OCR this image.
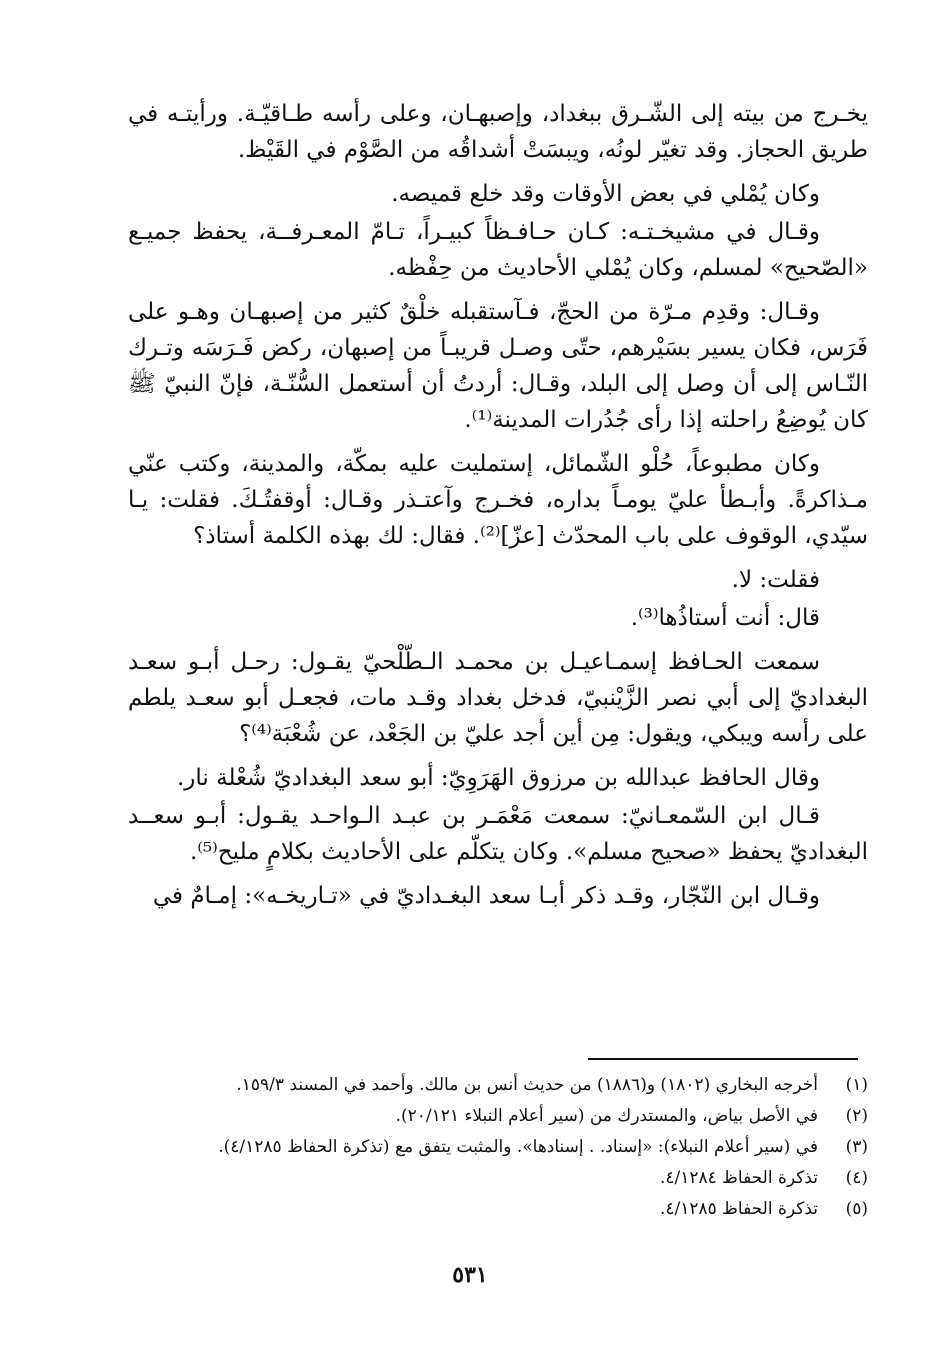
يخـرج من بيته إلى الشّـرق ببغداد، وإصبهـان، وعلى رأسه طـاقيّـة. ورأيتـه في طريق الحجاز. وقد تغيّر لونُه، ويبسَتْ أشداقُه من الصَّوْم في القَيْظ.

وكان يُمْلي في بعض الأوقات وقد خلع قميصه.

وقـال في مشيخـتـه: كـان حـافـظاً كبيـراً، تـامّ المعـرفــة، يحفظ جميـع «الصّحيح» لمسلم، وكان يُمْلي الأحاديث من حِفْظه.

وقـال: وقدِم مـرّة من الحجّ، فـآستقبله خلْقٌ كثير من إصبهـان وهـو على فَرَس، فكان يسير بسَيْرهم، حتّى وصـل قريبـاً من إصبهان، ركض فَـرَسَه وتـرك النّـاس إلى أن وصل إلى البلد، وقـال: أردتُ أن أستعمل السُّنّـة، فإنّ النبيّ ﷺ كان يُوضِعُ راحلته إذا رأى جُدُرات المدينة⁽¹⁾.

وكان مطبوعاً، حُلْو الشّمائل، إستمليت عليه بمكّة، والمدينة، وكتب عنّي مـذاكرةً. وأبـطأ عليّ يومـاً بداره، فخـرج وآعتـذر وقـال: أوقفتُـكَ. فقلت: يـا سيّدي، الوقوف على باب المحدّث [عزّ]⁽²⁾. فقال: لك بهذه الكلمة أستاذ؟

فقلت: لا.

قال: أنت أستاذُها⁽³⁾.

سمعت الحـافظ إسمـاعيـل بن محمـد الـطّلْحيّ يقـول: رحـل أبـو سعـد البغداديّ إلى أبي نصر الزَّيْنبيّ، فدخل بغداد وقـد مات، فجعـل أبو سعـد يلطم على رأسه ويبكي، ويقول: مِن أين أجد عليّ بن الجَعْد، عن شُعْبَة⁽⁴⁾؟

وقال الحافظ عبدالله بن مرزوق الهَرَوِيّ: أبو سعد البغداديّ شُعْلة نار.

قـال ابن السّمعـانيّ: سمعت مَعْمَـر بن عبـد الـواحـد يقـول: أبـو سعــد البغداديّ يحفظ «صحيح مسلم». وكان يتكلّم على الأحاديث بكلامٍ مليح⁽⁵⁾.

وقـال ابن النّجّار، وقـد ذكر أبـا سعد البغـداديّ في «تـاريخـه»: إمـامٌ في

(١)
أخرجه البخاري (١٨٠٢) و(١٨٨٦) من حديث أنس بن مالك. وأحمد في المسند ١٥٩/٣.
(٢)
في الأصل بياض، والمستدرك من (سير أعلام النبلاء ٢٠/١٢١).
(٣)
في (سير أعلام النبلاء): «إسناد. . إسنادها». والمثبت يتفق مع (تذكرة الحفاظ ٤/١٢٨٥).
(٤)
تذكرة الحفاظ ٤/١٢٨٤.
(٥)
تذكرة الحفاظ ٤/١٢٨٥.
٥٣١
